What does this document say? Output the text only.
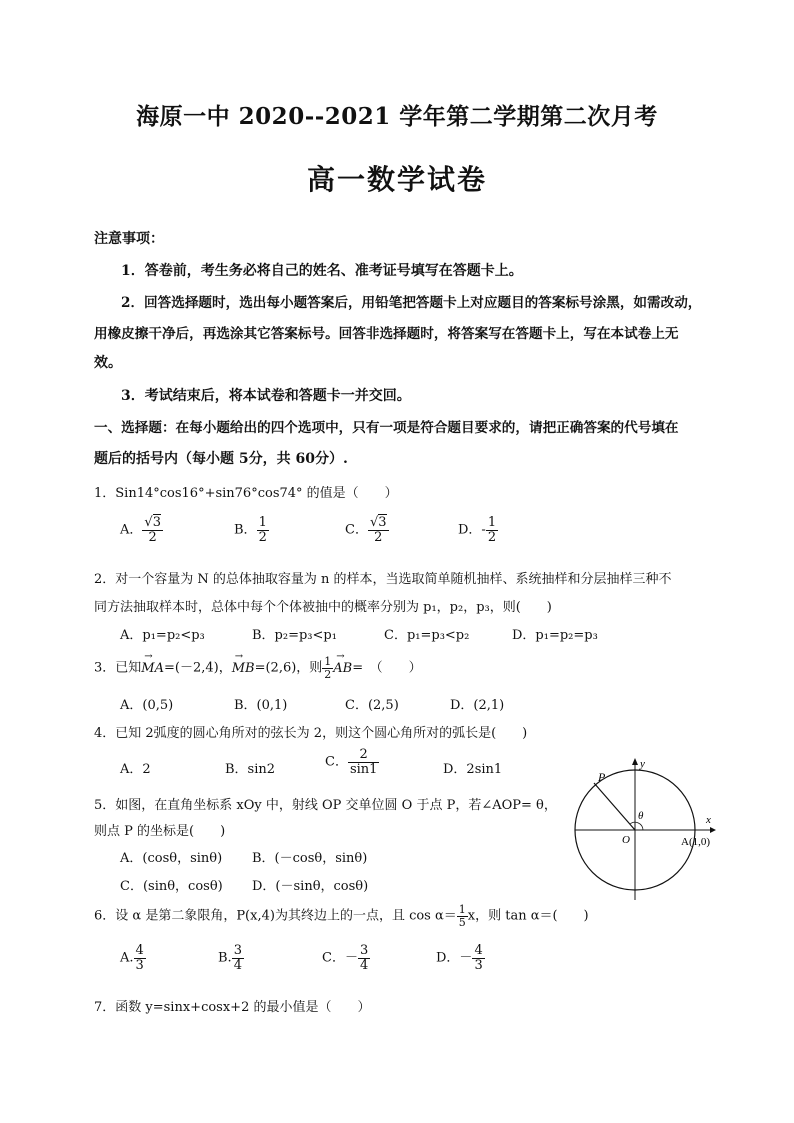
海原一中 2020--2021 学年第二学期第二次月考
高一数学试卷
注意事项：
1．答卷前，考生务必将自己的姓名、准考证号填写在答题卡上。
2．回答选择题时，选出每小题答案后，用铅笔把答题卡上对应题目的答案标号涂黑，如需改动，
用橡皮擦干净后，再选涂其它答案标号。回答非选择题时，将答案写在答题卡上，写在本试卷上无
效。
3．考试结束后，将本试卷和答题卡一并交回。
一、选择题：在每小题给出的四个选项中，只有一项是符合题目要求的，请把正确答案的代号填在
题后的括号内（每小题 5分，共 60分）.
1．Sin14°cos16°+sin76°cos74° 的值是（　　）
A． $\frac{√3}{2}$	B． $\frac{1}{2}$	C． $\frac{√3}{2}$	D．- $\frac{1}{2}$
2．对一个容量为 N 的总体抽取容量为 n 的样本，当选取简单随机抽样、系统抽样和分层抽样三种不
同方法抽取样本时，总体中每个个体被抽中的概率分别为 p₁，p₂，p₃，则(　　)
A．p₁=p₂<p₃	B．p₂=p₃<p₁	C．p₁=p₃<p₂	D．p₁=p₂=p₃
3．已知→ MA=(－2,4)，→ MB=(2,6)，则 $\frac{1}{2}$
→ AB=　（　　）
A．(0,5)	B．(0,1)	C．(2,5)	D．(2,1)
4．已知 2弧度的圆心角所对的弦长为 2，则这个圆心角所对的弧长是(　　)
A．2	B．sin2	C． $\frac{2}{\sin 1}$	D．2sin1
5．如图，在直角坐标系 xOy 中，射线 OP 交单位圆 O 于点 P，若∠AOP= θ，
则点 P 的坐标是(　　)
A．(cosθ，sinθ) B．(－cosθ，sinθ)
C．(sinθ，cosθ) D．(－sinθ，cosθ)
P
y
x
θ
O	A(1,0)
6．设 α 是第二象限角，P(x,4)为其终边上的一点，且 $\cos \alpha= \frac{1}{5}$ x，则 tan α＝(　　)
A. $\frac{4}{3}$	B. $\frac{3}{4}$	C．－ $\frac{3}{4}$	D．－ $\frac{4}{3}$
7．函数 y=sinx+cosx+2 的最小值是（　　）
